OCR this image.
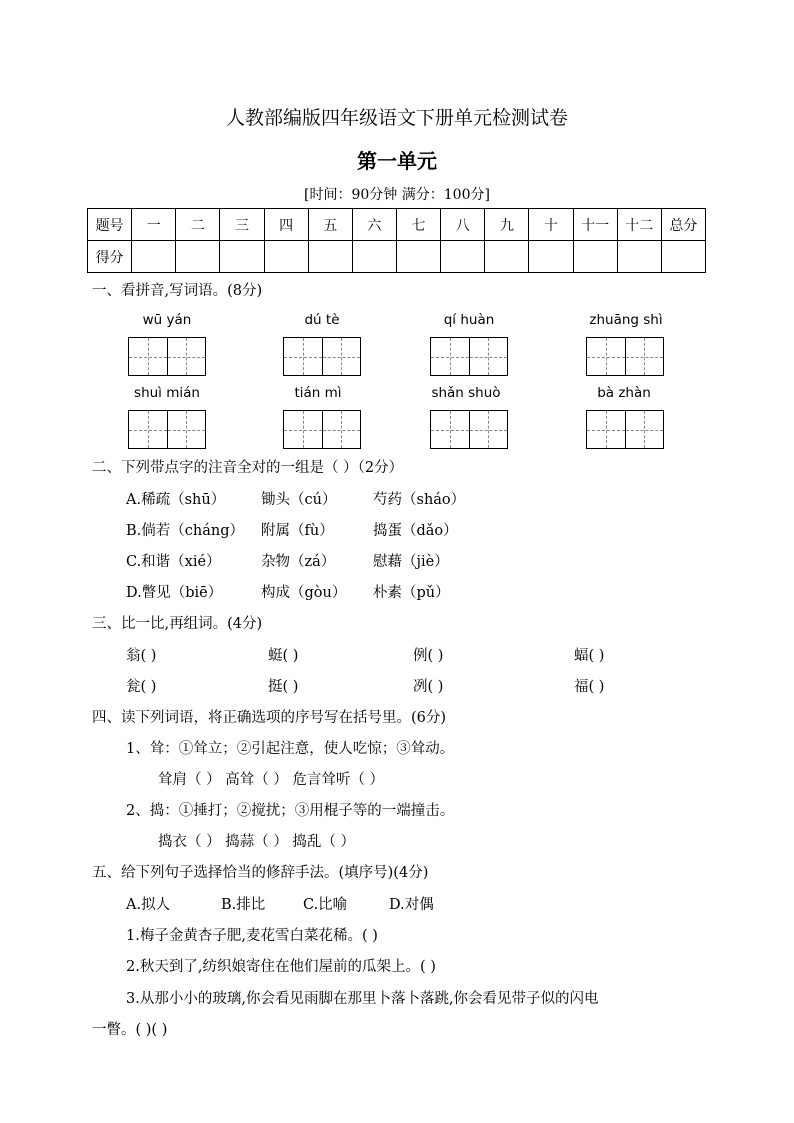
人教部编版四年级语文下册单元检测试卷
第一单元
[时间：90分钟 满分：100分]
题号	一	二	三	四	五	六	七	八	九	十	十一	十二	总分
得分													
一、看拼音,写词语。(8分)
wū yán	dú tè	qí huàn	zhuāng shì
shuì mián	tián mì	shǎn shuò	bà zhàn
二、下列带点字的注音全对的一组是（ ）（2分）
A.稀疏（shū） 锄头（cú）	芍药（sháo）
B.倘若（cháng） 附属（fù）	捣蛋（dǎo）
C.和谐（xié）	杂物（zá）	慰藉（jiè）
D.瞥见（biē）	构成（gòu） 朴素（pǔ）
三、比一比,再组词。(4分)
翁( )	蜓( )	例( )	蝠( )
瓮( )	挺( )	冽( )	福( )
四、读下列词语，将正确选项的序号写在括号里。(6分)
1、耸：①耸立；②引起注意，使人吃惊；③耸动。
耸肩（ ） 高耸（ ） 危言耸听（ ）
2、捣：①捶打；②搅扰；③用棍子等的一端撞击。
捣衣（ ） 捣蒜（ ） 捣乱（ ）
五、给下列句子选择恰当的修辞手法。(填序号)(4分)
A.拟人	B.排比	C.比喻	D.对偶
1.梅子金黄杏子肥,麦花雪白菜花稀。( )
2.秋天到了,纺织娘寄住在他们屋前的瓜架上。( )
3.从那小小的玻璃,你会看见雨脚在那里卜落卜落跳,你会看见带子似的闪电
一瞥。( )( )
